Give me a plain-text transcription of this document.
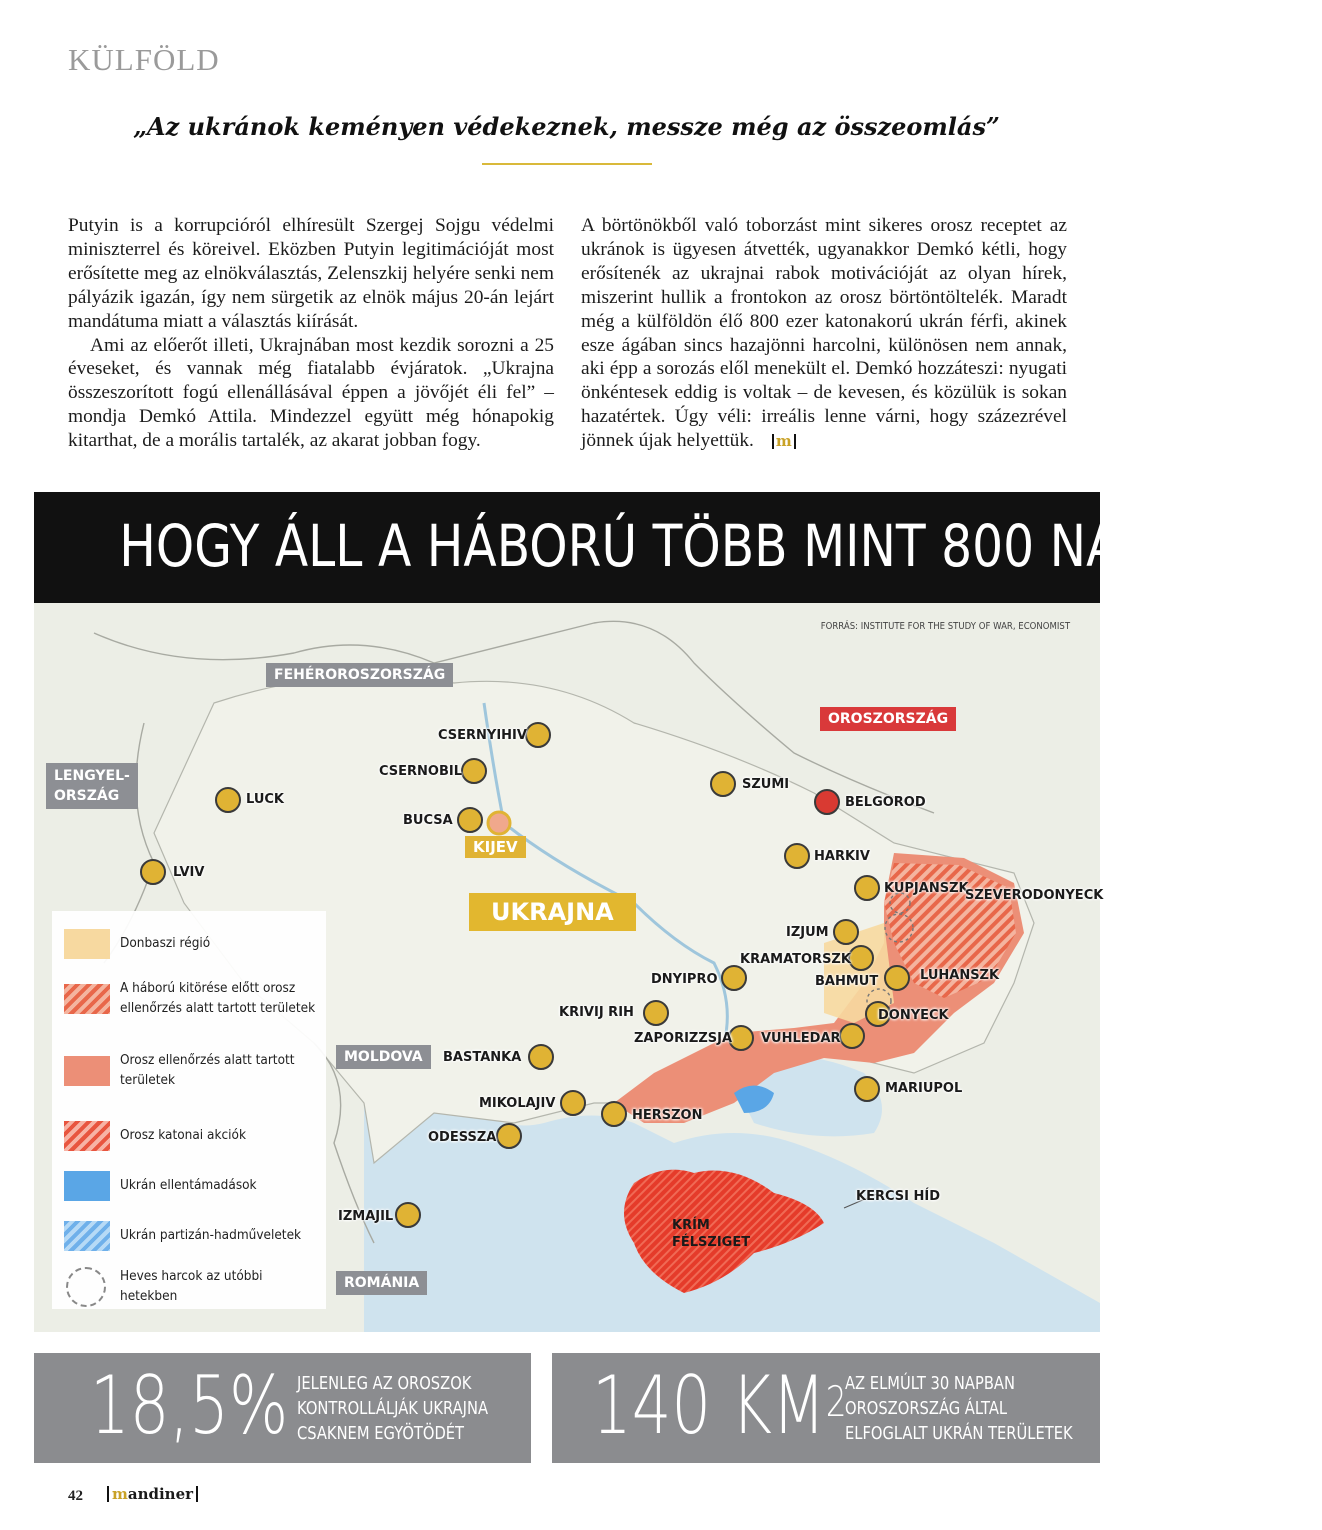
KÜLFÖLD
„Az ukránok keményen védekeznek, messze még az összeomlás”

Putyin is a korrupcióról elhíresült Szergej Sojgu védelmi miniszterrel és köreivel. Eközben Putyin legitimációját most erősítette meg az elnökválasztás, Zelenszkij helyére senki nem pályázik igazán, így nem sürgetik az elnök május 20-án lejárt mandátuma miatt a választás kiírását.

Ami az előerőt illeti, Ukrajnában most kezdik sorozni a 25 éveseket, és vannak még fiatalabb évjáratok. „Ukrajna összeszorított fogú ellenállásával éppen a jövőjét éli fel” – mondja Demkó Attila. Mindezzel együtt még hónapokig kitarthat, de a morális tartalék, az akarat jobban fogy.

A börtönökből való toborzást mint sikeres orosz receptet az ukránok is ügyesen átvették, ugyanakkor Demkó kétli, hogy erősítenék az ukrajnai rabok motivációját az olyan hírek, miszerint hullik a frontokon az orosz börtöntöltelék. Maradt még a külföldön élő 800 ezer katonakorú ukrán férfi, akinek esze ágában sincs hazajönni harcolni, különösen nem annak, aki épp a sorozás elől menekült el. Demkó hozzáteszi: nyugati önkéntesek eddig is voltak – de kevesen, és közülük is sokan hazatértek. Úgy véli: irreális lenne várni, hogy százezrével jönnek újak helyettük. m

HOGY ÁLL A HÁBORÚ TÖBB MINT 800 NAP UTÁN?
FORRÁS: INSTITUTE FOR THE STUDY OF WAR, ECONOMIST
FEHÉROROSZORSZÁG
LENGYEL-
ORSZÁG
OROSZORSZÁG
MOLDOVA
ROMÁNIA
UKRAJNA
KIJEV
CSERNYIHIV
CSERNOBIL
BUCSA
LUCK
LVIV
SZUMI
BELGOROD
HARKIV
KUPJANSZK
SZEVERODONYECK
IZJUM
KRAMATORSZK
DNYIPRO	BAHMUT	LUHANSZK
KRIVIJ RIH	DONYECK
ZAPORIZZSJA VUHLEDAR
BASTANKA
MIKOLAJIV
HERSZON
MARIUPOL
ODESSZA
IZMAJIL
KERCSI HÍD
KRÍM
FÉLSZIGET
Donbaszi régió
A háború kitörése előtt orosz ellenőrzés alatt tartott területek
Orosz ellenőrzés alatt tartott területek
Orosz katonai akciók
Ukrán ellentámadások
Ukrán partizán-hadműveletek
Heves harcok az utóbbi hetekben
18,5% JELENLEG AZ OROSZOK
KONTROLLÁLJÁK UKRAJNA
CSAKNEM EGYÖTÖDÉT	140 $KM^2$
AZ ELMÚLT 30 NAPBAN
OROSZORSZÁG ÁLTAL
ELFOGLALT UKRÁN TERÜLETEK
42	mandiner
